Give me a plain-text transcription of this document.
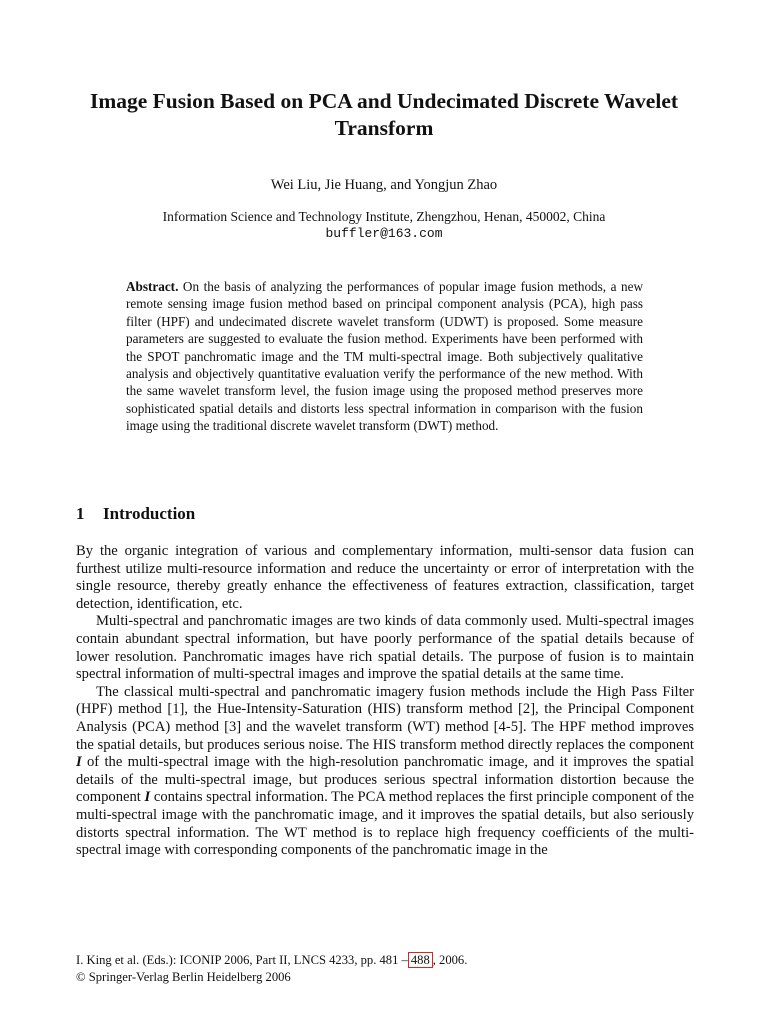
Image Fusion Based on PCA and Undecimated Discrete Wavelet Transform
Wei Liu, Jie Huang, and Yongjun Zhao
Information Science and Technology Institute, Zhengzhou, Henan, 450002, China
buffler@163.com
Abstract. On the basis of analyzing the performances of popular image fusion methods, a new remote sensing image fusion method based on principal component analysis (PCA), high pass filter (HPF) and undecimated discrete wavelet transform (UDWT) is proposed. Some measure parameters are suggested to evaluate the fusion method. Experiments have been performed with the SPOT panchromatic image and the TM multi-spectral image. Both subjectively qualitative analysis and objectively quantitative evaluation verify the performance of the new method. With the same wavelet transform level, the fusion image using the proposed method preserves more sophisticated spatial details and distorts less spectral information in comparison with the fusion image using the traditional discrete wavelet transform (DWT) method.
1 Introduction

By the organic integration of various and complementary information, multi-sensor data fusion can furthest utilize multi-resource information and reduce the uncertainty or error of interpretation with the single resource, thereby greatly enhance the effectiveness of features extraction, classification, target detection, identification, etc.

Multi-spectral and panchromatic images are two kinds of data commonly used. Multi-spectral images contain abundant spectral information, but have poorly performance of the spatial details because of lower resolution. Panchromatic images have rich spatial details. The purpose of fusion is to maintain spectral information of multi-spectral images and improve the spatial details at the same time.

The classical multi-spectral and panchromatic imagery fusion methods include the High Pass Filter (HPF) method [1], the Hue-Intensity-Saturation (HIS) transform method [2], the Principal Component Analysis (PCA) method [3] and the wavelet transform (WT) method [4-5]. The HPF method improves the spatial details, but produces serious noise. The HIS transform method directly replaces the component I of the multi-spectral image with the high-resolution panchromatic image, and it improves the spatial details of the multi-spectral image, but produces serious spectral information distortion because the component I contains spectral information. The PCA method replaces the first principle component of the multi-spectral image with the panchromatic image, and it improves the spatial details, but also seriously distorts spectral information. The WT method is to replace high frequency coefficients of the multi-spectral image with corresponding components of the panchromatic image in the

I. King et al. (Eds.): ICONIP 2006, Part II, LNCS 4233, pp. 481 – 488 , 2006.
© Springer-Verlag Berlin Heidelberg 2006
